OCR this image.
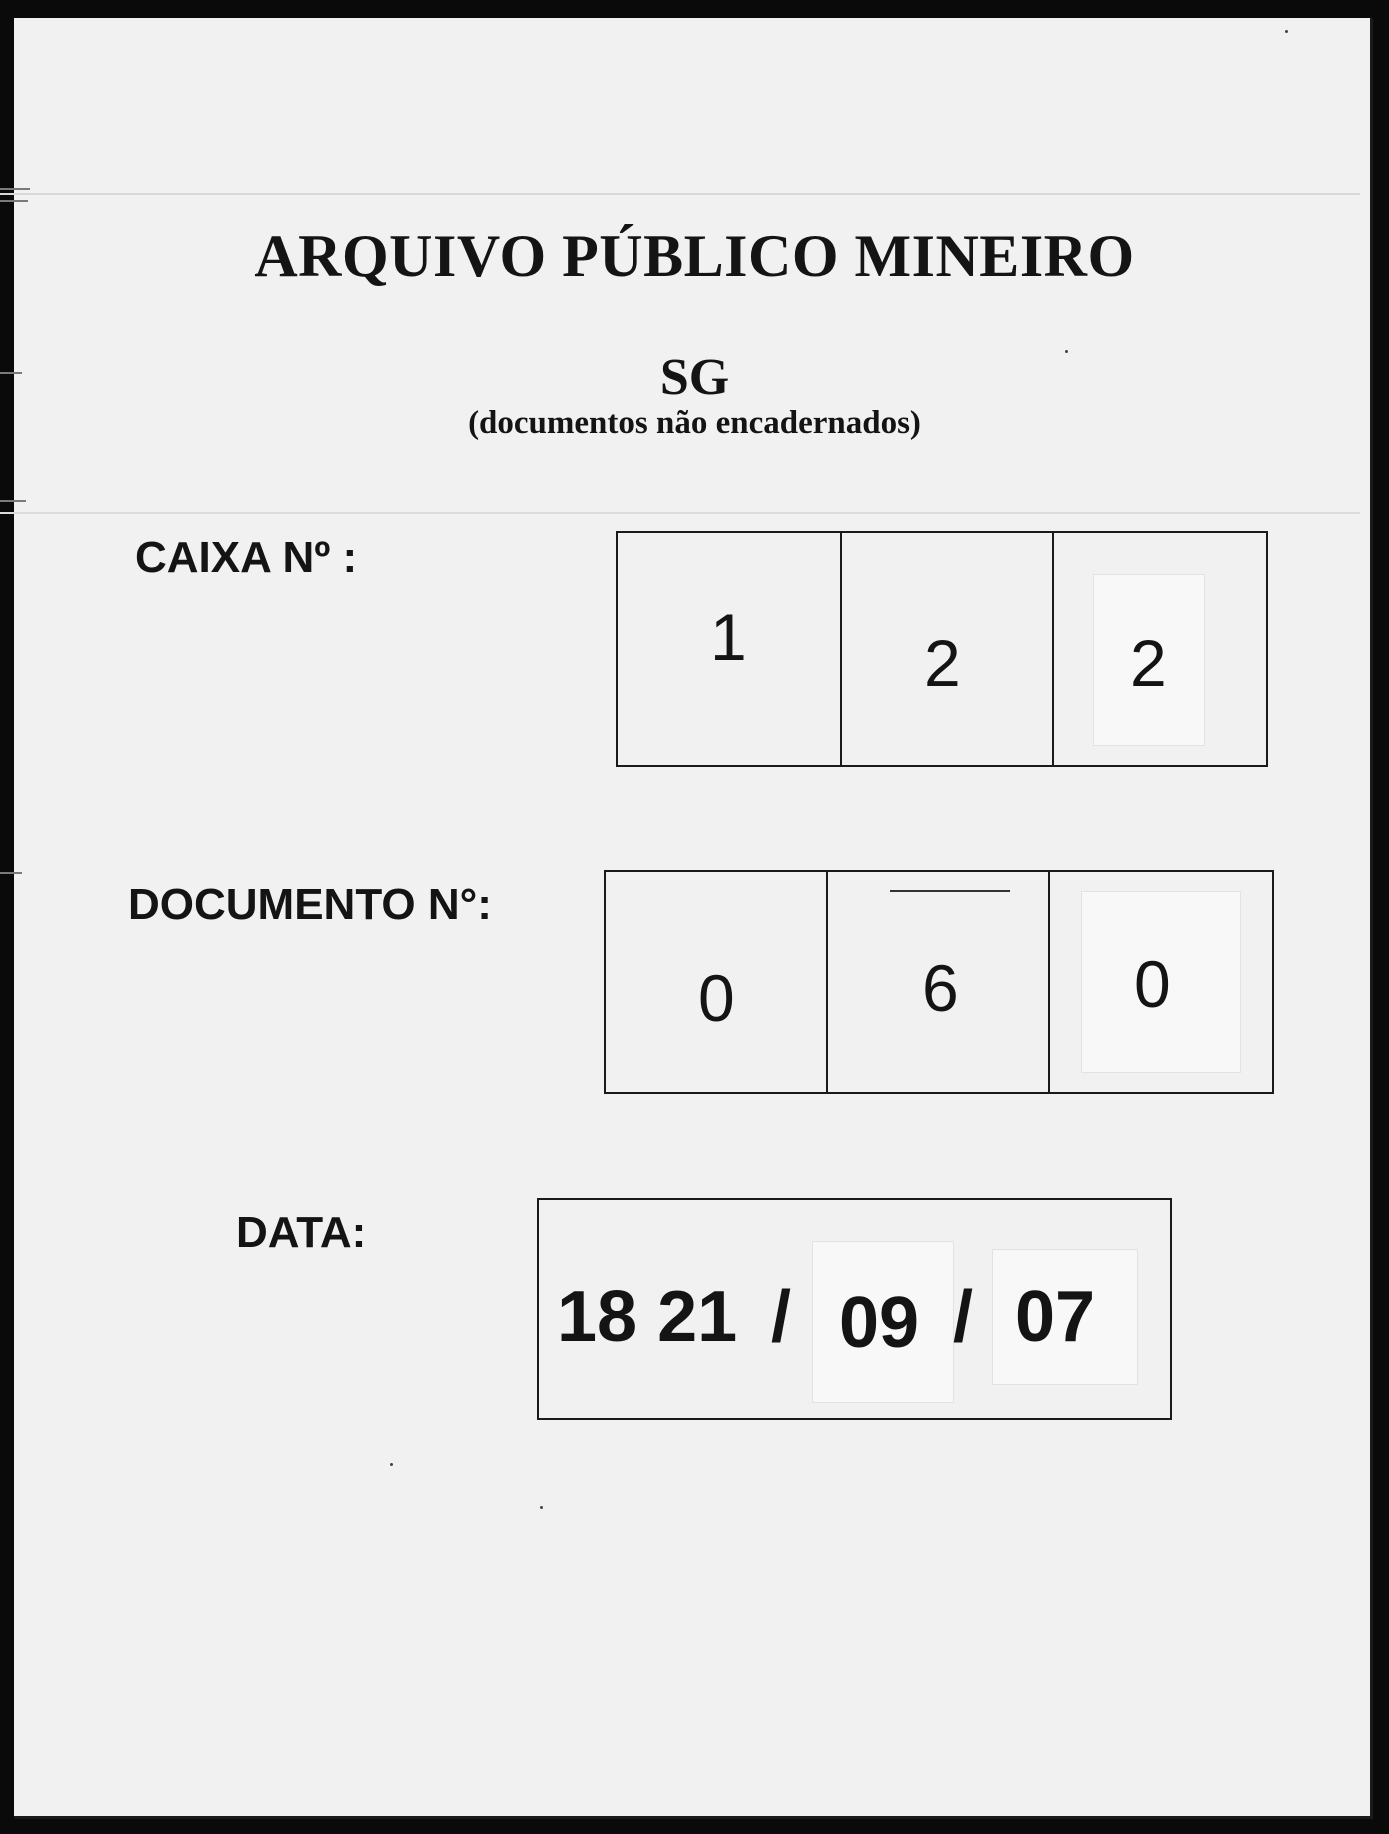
ARQUIVO PÚBLICO MINEIRO
SG
(documentos não encadernados)
CAIXA Nº :
1	2	2
DOCUMENTO N°:
0	6	0
DATA:
18 21 / 09 / 07
